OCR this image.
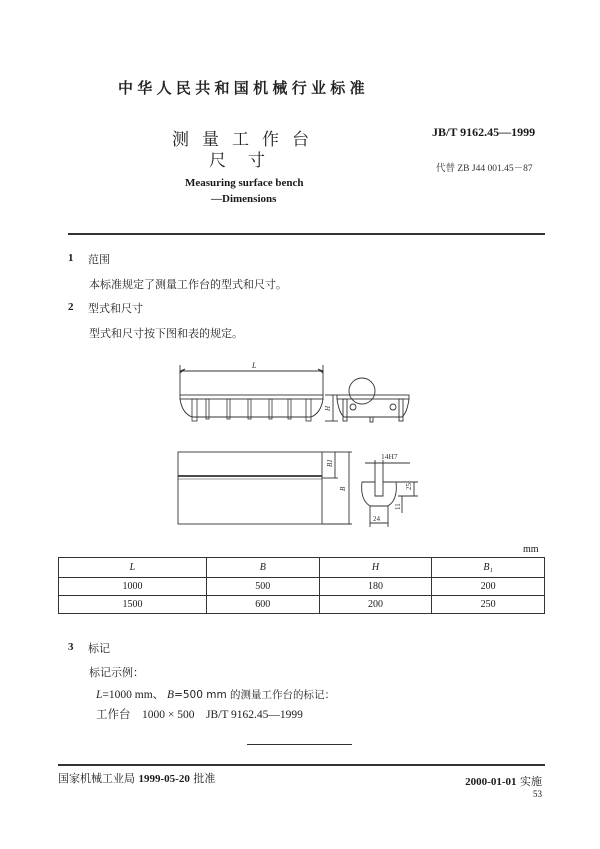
中华人民共和国机械行业标准
测量工作台
尺寸
Measuring surface bench
—Dimensions
JB/T 9162.45—1999
代替 ZB J44 001.45－87
1 范围
本标准规定了测量工作台的型式和尺寸。
2 型式和尺寸
型式和尺寸按下图和表的规定。
L
H
B1
B
14H7
25
11
24
mm
L	B	H	B₁
1000	500	180	200
1500	600	200	250
3 标记
标记示例：
L=1000 mm、 B=500 mm 的测量工作台的标记：
工作台　1000 × 500　JB/T 9162.45—1999
国家机械工业局 1999-05-20 批准	2000-01-01 实施
53
